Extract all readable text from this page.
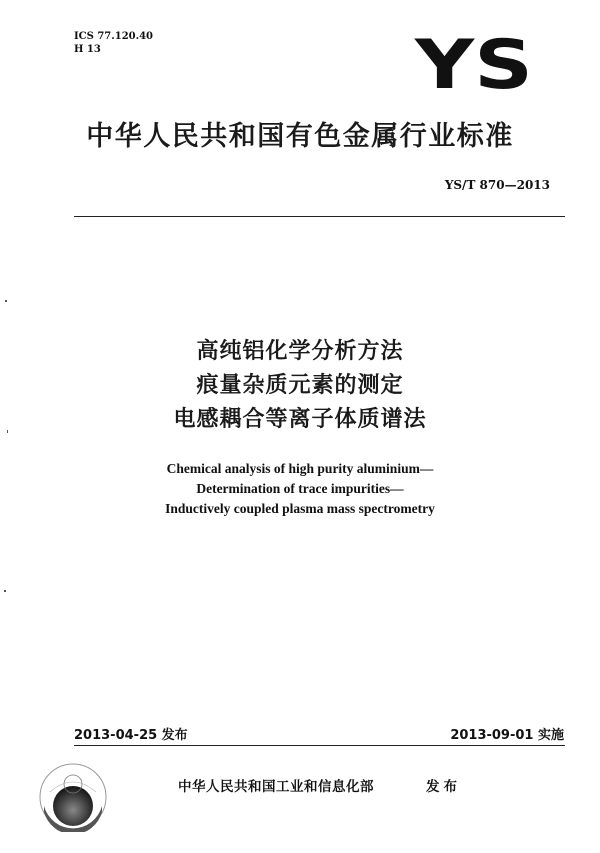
ICS 77.120.40
H 13	YS
中华人民共和国有色金属行业标准
YS/T 870—2013
高纯铝化学分析方法
痕量杂质元素的测定
电感耦合等离子体质谱法
Chemical analysis of high purity aluminium—
Determination of trace impurities—
Inductively coupled plasma mass spectrometry
2013-04-25 发布	2013-09-01 实施
中华人民共和国工业和信息化部	发布
